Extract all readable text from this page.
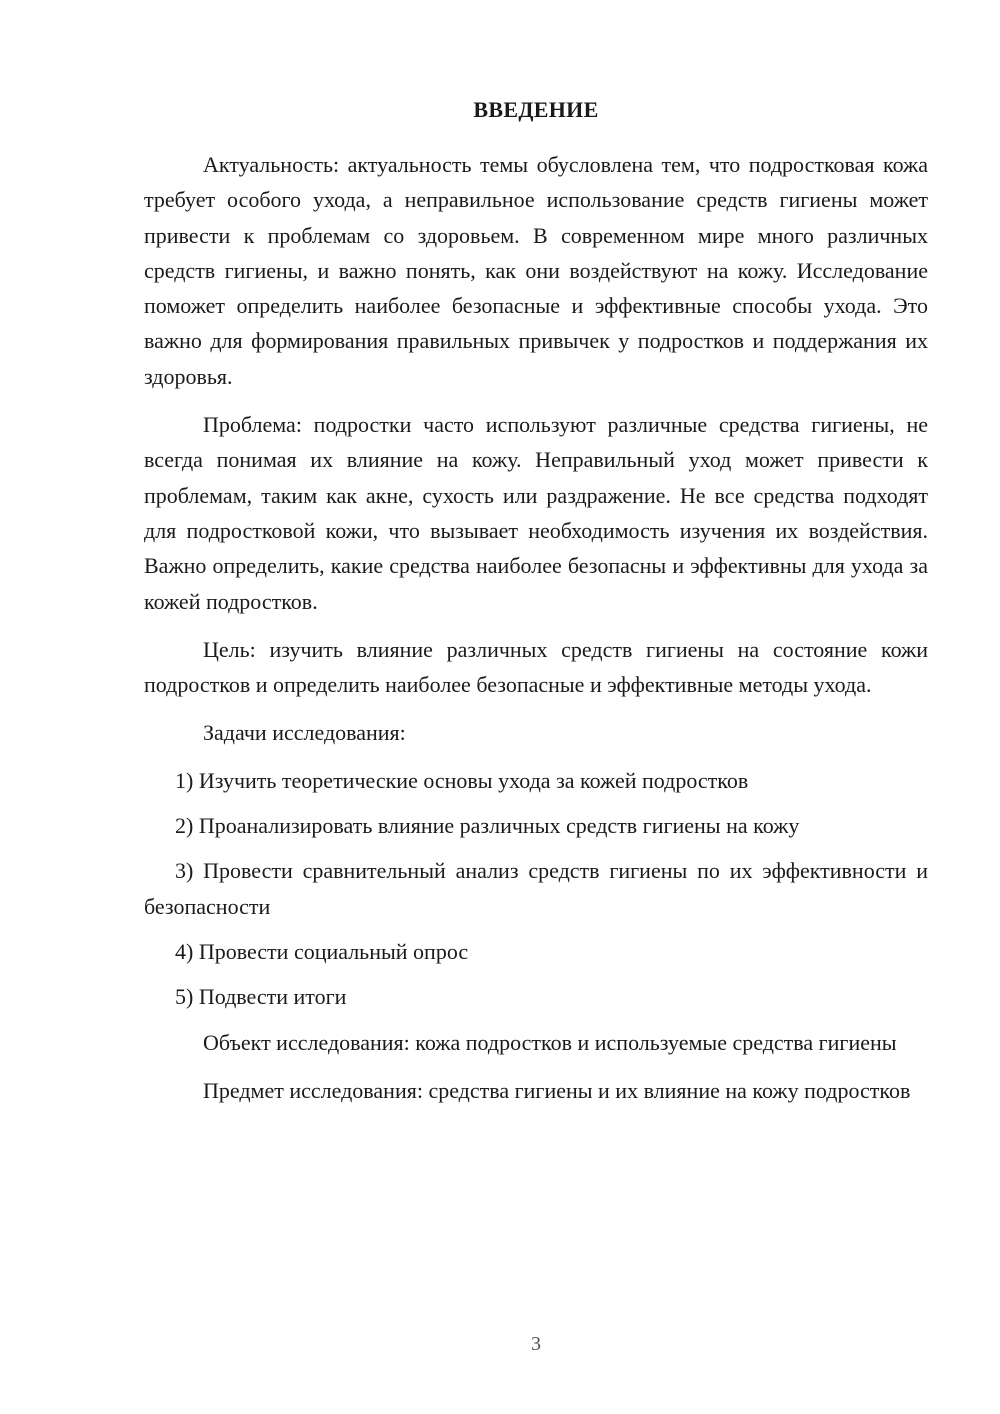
ВВЕДЕНИЕ

Актуальность: актуальность темы обусловлена тем, что подростковая кожа требует особого ухода, а неправильное использование средств гигиены может привести к проблемам со здоровьем. В современном мире много различных средств гигиены, и важно понять, как они воздействуют на кожу. Исследование поможет определить наиболее безопасные и эффективные способы ухода. Это важно для формирования правильных привычек у подростков и поддержания их здоровья.

Проблема: подростки часто используют различные средства гигиены, не всегда понимая их влияние на кожу. Неправильный уход может привести к проблемам, таким как акне, сухость или раздражение. Не все средства подходят для подростковой кожи, что вызывает необходимость изучения их воздействия. Важно определить, какие средства наиболее безопасны и эффективны для ухода за кожей подростков.

Цель: изучить влияние различных средств гигиены на состояние кожи подростков и определить наиболее безопасные и эффективные методы ухода.

Задачи исследования:

1) Изучить теоретические основы ухода за кожей подростков

2) Проанализировать влияние различных средств гигиены на кожу

3) Провести сравнительный анализ средств гигиены по их эффективности и безопасности

4) Провести социальный опрос

5) Подвести итоги

Объект исследования: кожа подростков и используемые средства гигиены

Предмет исследования: средства гигиены и их влияние на кожу подростков

3
